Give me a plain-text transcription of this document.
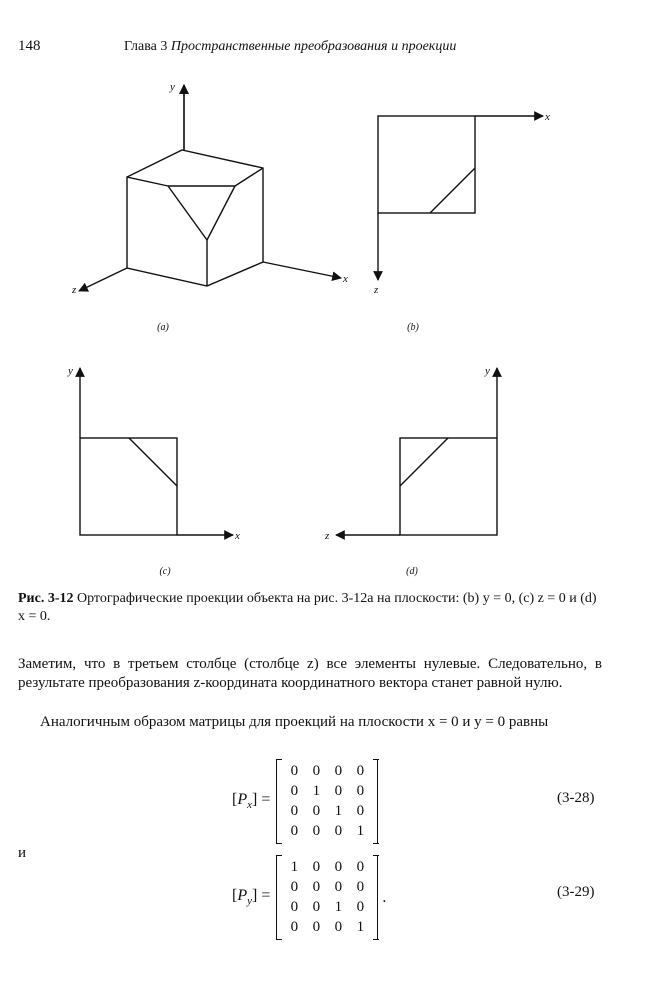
148	Глава 3 Пространственные преобразования и проекции
y
x
z
x
z
y
x
y
z
(a)	(b)
(c)	(d)
Рис. 3-12 Ортографические проекции объекта на рис. 3-12a на плоскости: (b) y = 0, (c) z = 0 и (d) x = 0.
Заметим, что в третьем столбце (столбце z) все элементы нулевые. Следовательно, в результате преобразования z-координата координатного вектора станет равной нулю.
Аналогичным образом матрицы для проекций на плоскости x = 0 и y = 0 равны
$[P_x]$ =
0 0 0 0
0 1 0 0
0 0 1 0
0 0 0 1
(3-28)
и
$[P_y]$ =
1 0 0 0
0 0 0 0
0 0 1 0
0 0 0 1
.	(3-29)
